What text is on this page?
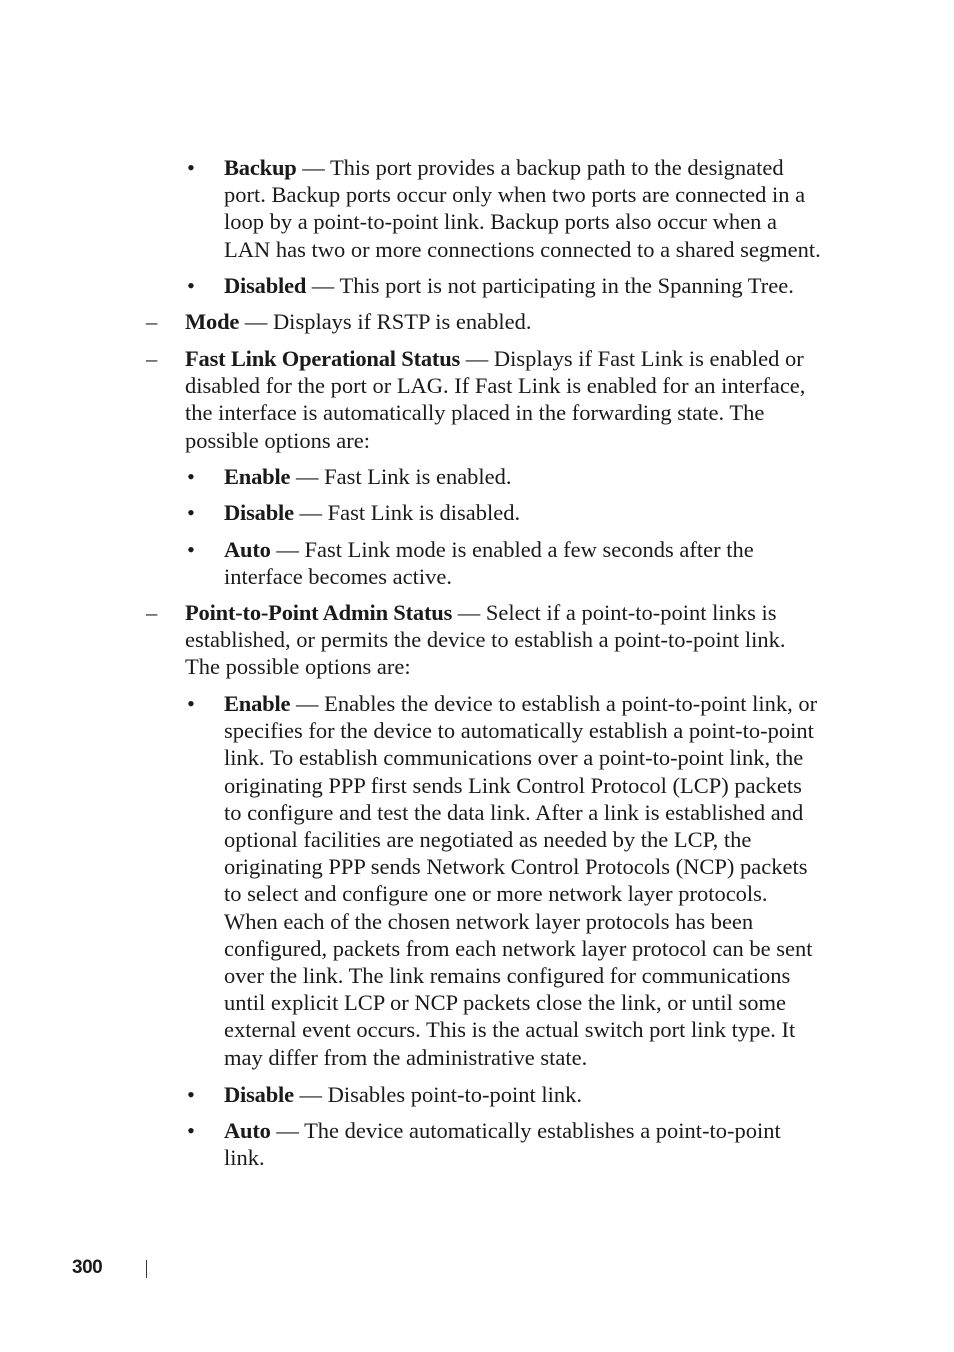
• Backup — This port provides a backup path to the designated port. Backup ports occur only when two ports are connected in a loop by a point-to-point link. Backup ports also occur when a LAN has two or more connections connected to a shared segment.
• Disabled — This port is not participating in the Spanning Tree.
– Mode — Displays if RSTP is enabled.
– Fast Link Operational Status — Displays if Fast Link is enabled or disabled for the port or LAG. If Fast Link is enabled for an interface, the interface is automatically placed in the forwarding state. The possible options are:
• Enable — Fast Link is enabled.
• Disable — Fast Link is disabled.
• Auto — Fast Link mode is enabled a few seconds after the interface becomes active.
– Point-to-Point Admin Status — Select if a point-to-point links is established, or permits the device to establish a point-to-point link. The possible options are:
• Enable — Enables the device to establish a point-to-point link, or specifies for the device to automatically establish a point-to-point link. To establish communications over a point-to-point link, the originating PPP first sends Link Control Protocol (LCP) packets to configure and test the data link. After a link is established and optional facilities are negotiated as needed by the LCP, the originating PPP sends Network Control Protocols (NCP) packets to select and configure one or more network layer protocols. When each of the chosen network layer protocols has been configured, packets from each network layer protocol can be sent over the link. The link remains configured for communications until explicit LCP or NCP packets close the link, or until some external event occurs. This is the actual switch port link type. It may differ from the administrative state.
• Disable — Disables point-to-point link.
• Auto — The device automatically establishes a point-to-point link.
300
